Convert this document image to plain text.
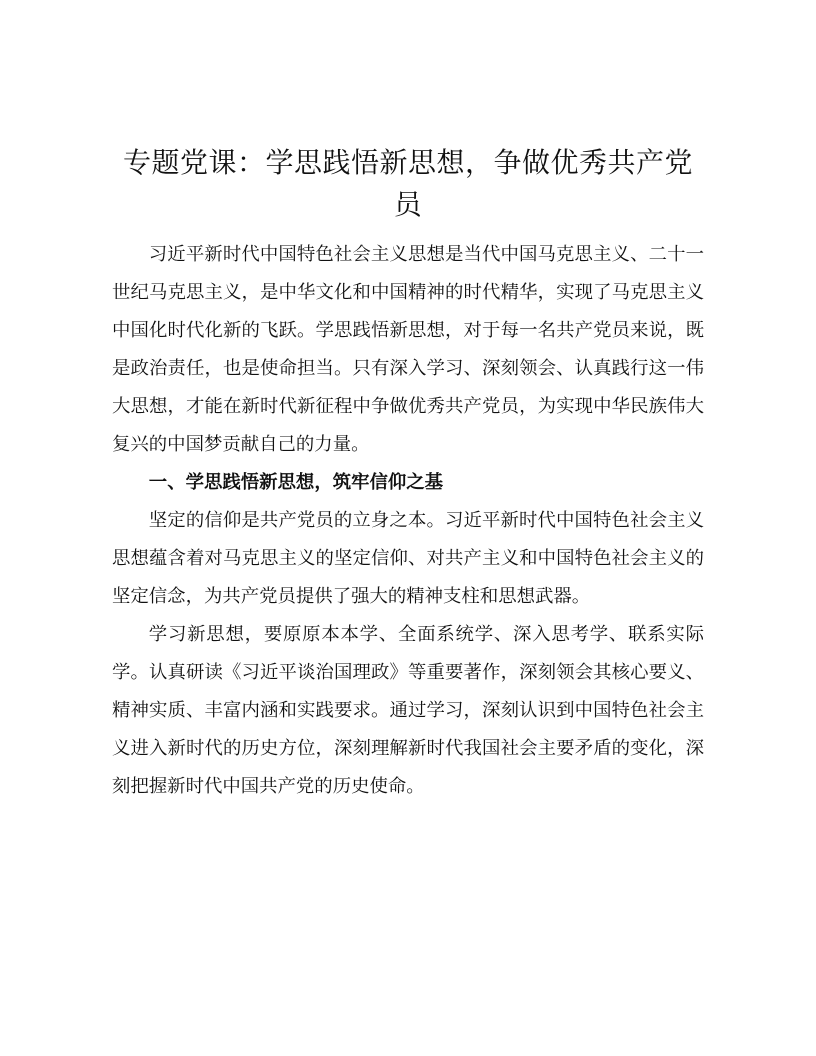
专题党课：学思践悟新思想，争做优秀共产党员

习近平新时代中国特色社会主义思想是当代中国马克思主义、二十一世纪马克思主义，是中华文化和中国精神的时代精华，实现了马克思主义中国化时代化新的飞跃。学思践悟新思想，对于每一名共产党员来说，既是政治责任，也是使命担当。只有深入学习、深刻领会、认真践行这一伟大思想，才能在新时代新征程中争做优秀共产党员，为实现中华民族伟大复兴的中国梦贡献自己的力量。

一、学思践悟新思想，筑牢信仰之基

坚定的信仰是共产党员的立身之本。习近平新时代中国特色社会主义思想蕴含着对马克思主义的坚定信仰、对共产主义和中国特色社会主义的坚定信念，为共产党员提供了强大的精神支柱和思想武器。

学习新思想，要原原本本学、全面系统学、深入思考学、联系实际学。认真研读《习近平谈治国理政》等重要著作，深刻领会其核心要义、精神实质、丰富内涵和实践要求。通过学习，深刻认识到中国特色社会主义进入新时代的历史方位，深刻理解新时代我国社会主要矛盾的变化，深刻把握新时代中国共产党的历史使命。
